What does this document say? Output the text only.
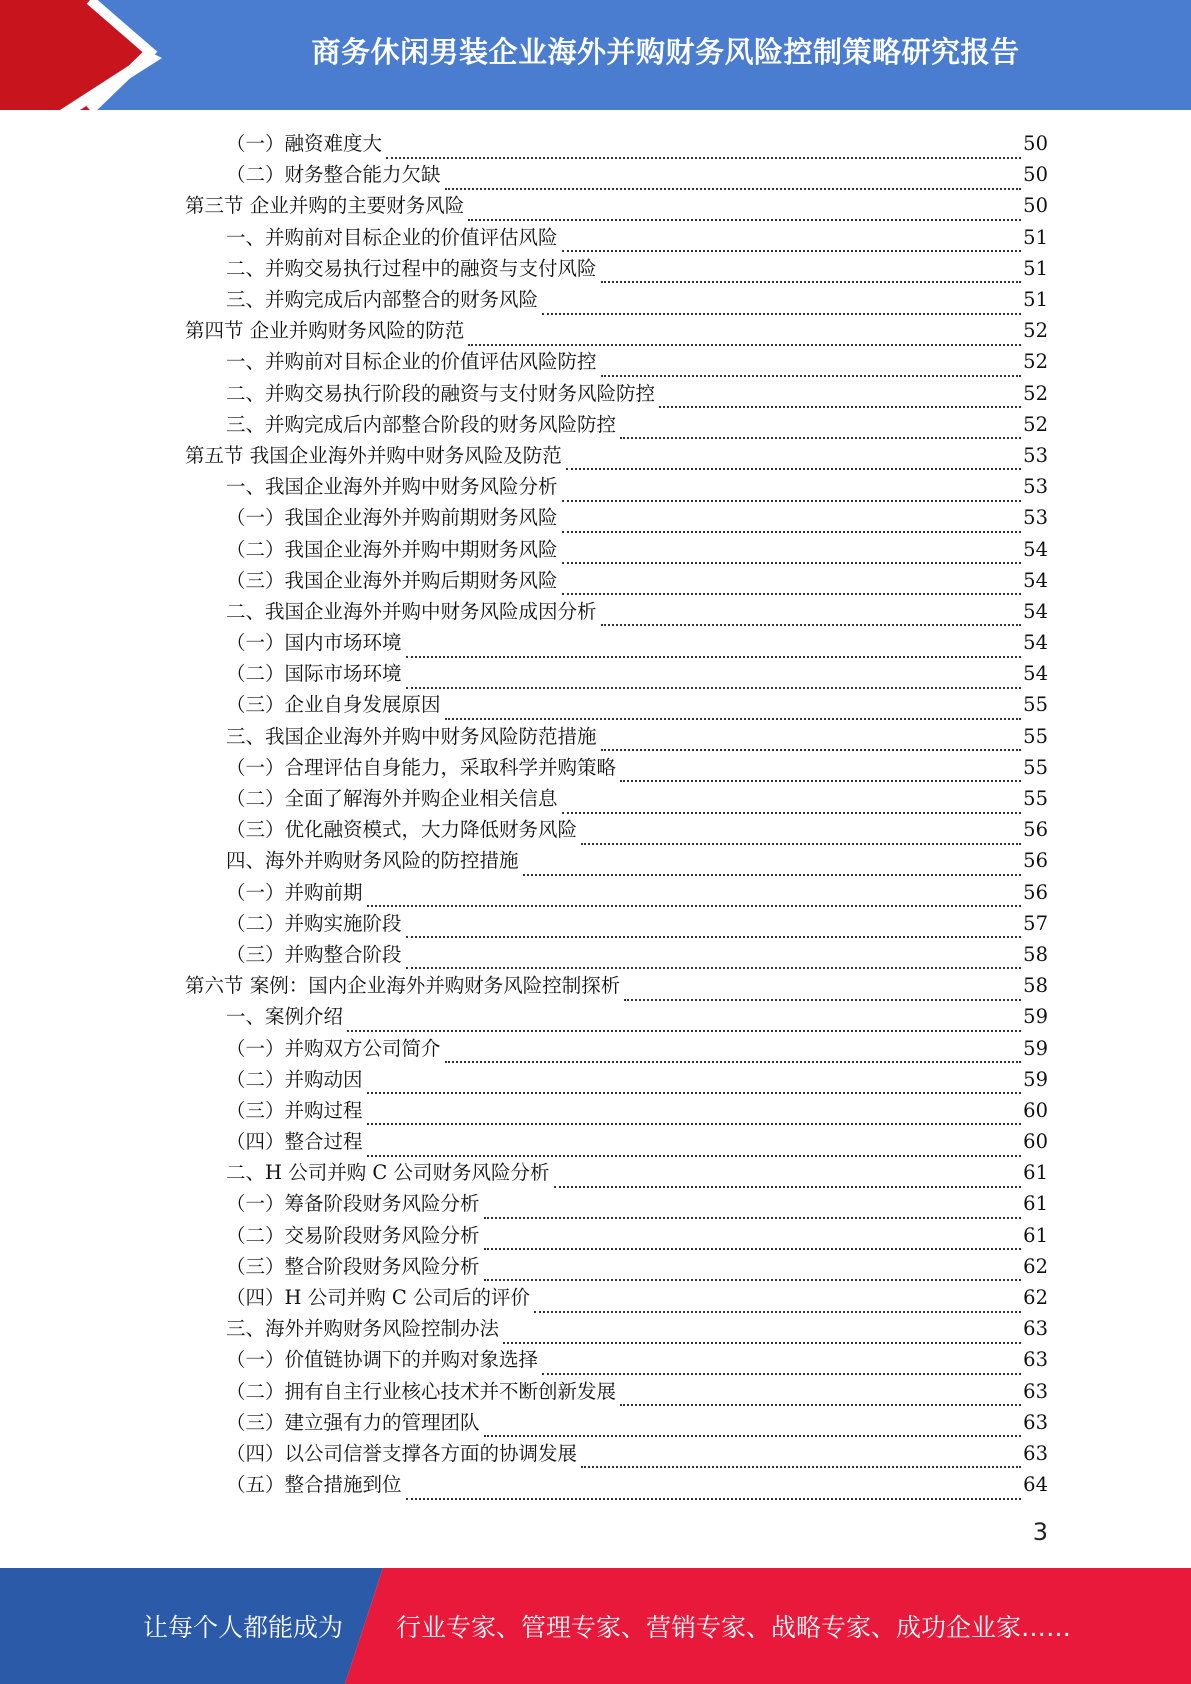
商务休闲男装企业海外并购财务风险控制策略研究报告
（一）融资难度大	50
（二）财务整合能力欠缺	50
第三节 企业并购的主要财务风险	50
一、并购前对目标企业的价值评估风险	51
二、并购交易执行过程中的融资与支付风险	51
三、并购完成后内部整合的财务风险	51
第四节 企业并购财务风险的防范	52
一、并购前对目标企业的价值评估风险防控	52
二、并购交易执行阶段的融资与支付财务风险防控	52
三、并购完成后内部整合阶段的财务风险防控	52
第五节 我国企业海外并购中财务风险及防范	53
一、我国企业海外并购中财务风险分析	53
（一）我国企业海外并购前期财务风险	53
（二）我国企业海外并购中期财务风险	54
（三）我国企业海外并购后期财务风险	54
二、我国企业海外并购中财务风险成因分析	54
（一）国内市场环境	54
（二）国际市场环境	54
（三）企业自身发展原因	55
三、我国企业海外并购中财务风险防范措施	55
（一）合理评估自身能力，采取科学并购策略	55
（二）全面了解海外并购企业相关信息	55
（三）优化融资模式，大力降低财务风险	56
四、海外并购财务风险的防控措施	56
（一）并购前期	56
（二）并购实施阶段	57
（三）并购整合阶段	58
第六节 案例：国内企业海外并购财务风险控制探析	58
一、案例介绍	59
（一）并购双方公司简介	59
（二）并购动因	59
（三）并购过程	60
（四）整合过程	60
二、H 公司并购 C 公司财务风险分析	61
（一）筹备阶段财务风险分析	61
（二）交易阶段财务风险分析	61
（三）整合阶段财务风险分析	62
（四）H 公司并购 C 公司后的评价	62
三、海外并购财务风险控制办法	63
（一）价值链协调下的并购对象选择	63
（二）拥有自主行业核心技术并不断创新发展	63
（三）建立强有力的管理团队	63
（四）以公司信誉支撑各方面的协调发展	63
（五）整合措施到位	64
3
让每个人都能成为 行业专家、管理专家、营销专家、战略专家、成功企业家……
